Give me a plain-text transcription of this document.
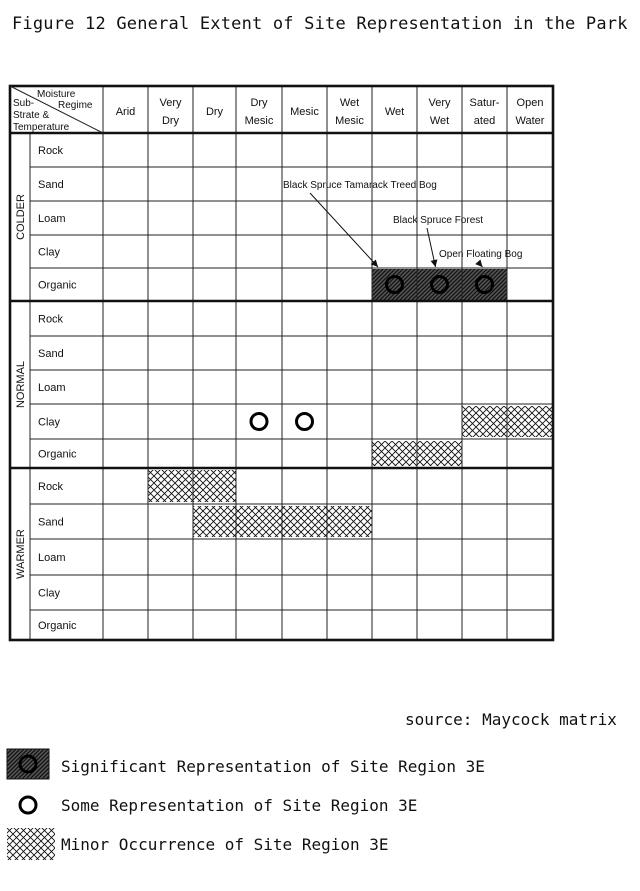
Figure 12 General Extent of Site Representation in the Park
Moisture
Regime
Sub-
Strate &
Temperature
Arid
Very
Dry
Dry
Dry
Mesic
Mesic
Wet
Mesic
Wet
Very
Wet
Satur-
ated
Open
Water
COLDER
Rock
Sand
Loam
Clay
Organic
NORMAL
Rock
Sand
Loam
Clay
Organic
WARMER
Rock
Sand
Loam
Clay
Organic
Black Spruce Tamarack Treed Bog
Black Spruce Forest
Open Floating Bog
source: Maycock matrix
Significant Representation of Site Region 3E
Some Representation of Site Region 3E
Minor Occurrence of Site Region 3E
